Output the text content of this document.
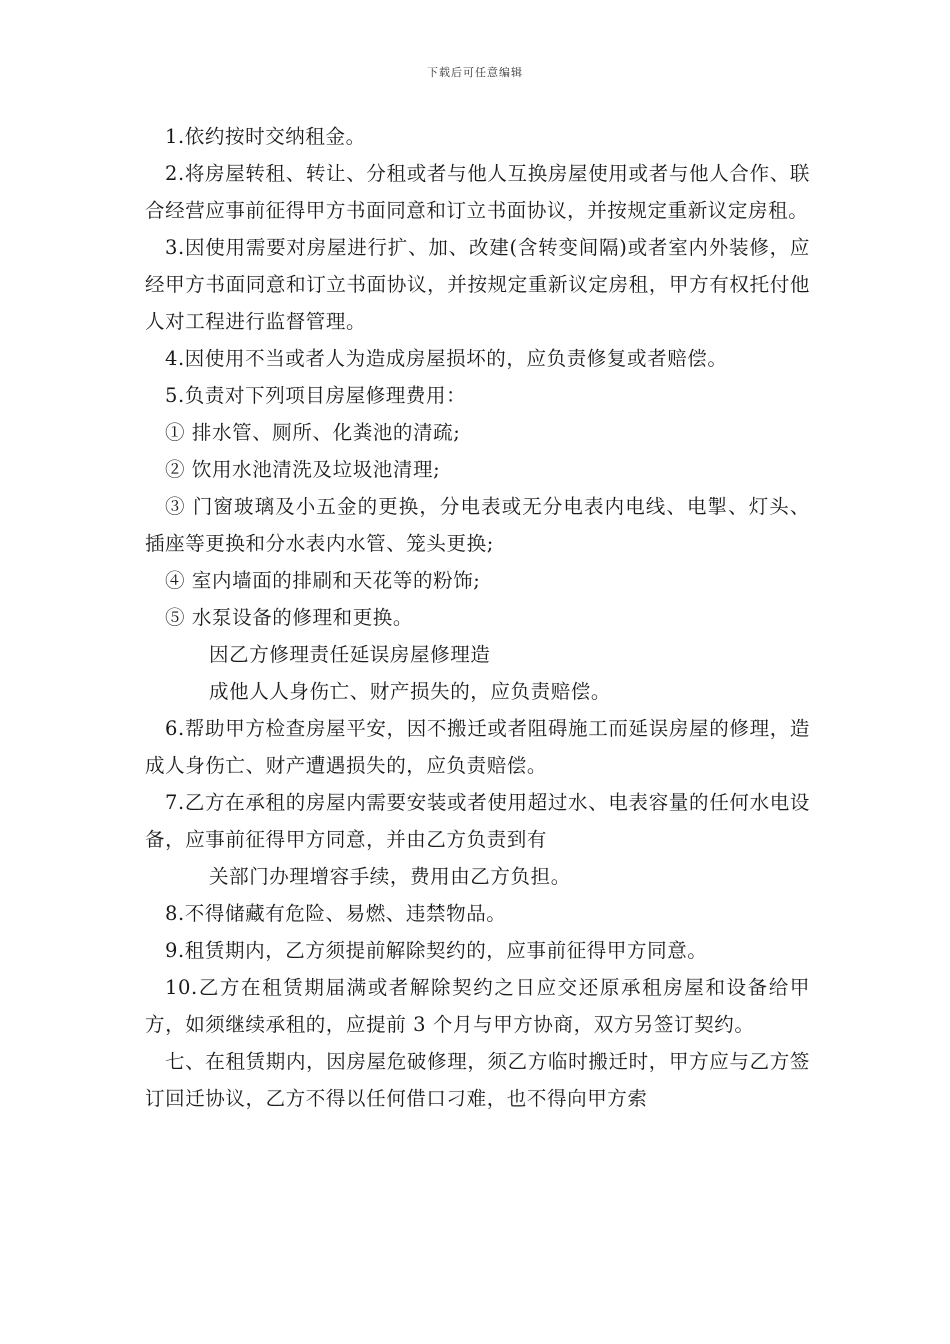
下载后可任意编辑

1.依约按时交纳租金。

2.将房屋转租、转让、分租或者与他人互换房屋使用或者与他人合作、联合经营应事前征得甲方书面同意和订立书面协议，并按规定重新议定房租。

3.因使用需要对房屋进行扩、加、改建(含转变间隔)或者室内外装修，应经甲方书面同意和订立书面协议，并按规定重新议定房租，甲方有权托付他人对工程进行监督管理。

4.因使用不当或者人为造成房屋损坏的，应负责修复或者赔偿。

5.负责对下列项目房屋修理费用：

① 排水管、厕所、化粪池的清疏;

② 饮用水池清洗及垃圾池清理;

③ 门窗玻璃及小五金的更换，分电表或无分电表内电线、电掣、灯头、插座等更换和分水表内水管、笼头更换;

④ 室内墙面的排刷和天花等的粉饰;

⑤ 水泵设备的修理和更换。

因乙方修理责任延误房屋修理造

成他人人身伤亡、财产损失的，应负责赔偿。

6.帮助甲方检查房屋平安，因不搬迁或者阻碍施工而延误房屋的修理，造成人身伤亡、财产遭遇损失的，应负责赔偿。

7.乙方在承租的房屋内需要安装或者使用超过水、电表容量的任何水电设备，应事前征得甲方同意，并由乙方负责到有

关部门办理增容手续，费用由乙方负担。

8.不得储藏有危险、易燃、违禁物品。

9.租赁期内，乙方须提前解除契约的，应事前征得甲方同意。

10.乙方在租赁期届满或者解除契约之日应交还原承租房屋和设备给甲方，如须继续承租的，应提前 3 个月与甲方协商，双方另签订契约。

七、在租赁期内，因房屋危破修理，须乙方临时搬迁时，甲方应与乙方签订回迁协议，乙方不得以任何借口刁难，也不得向甲方索
